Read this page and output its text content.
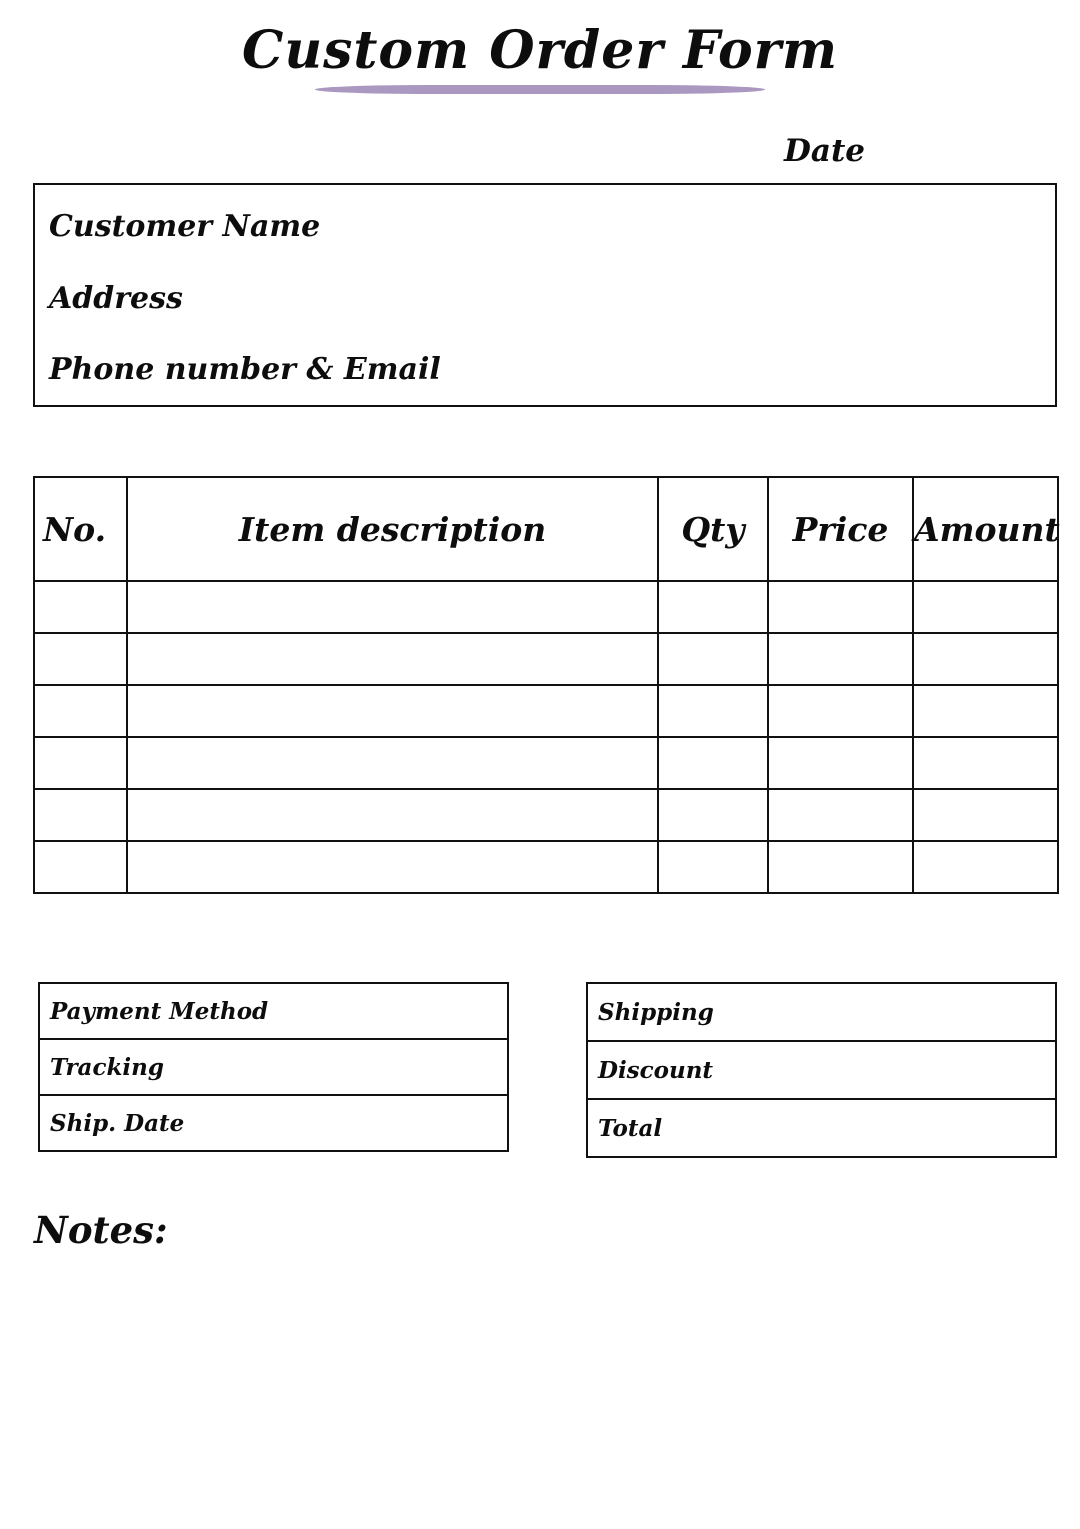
Custom Order Form
Date
Customer Name
Address
Phone number & Email
No.	Item description	Qty	Price	Amount

Payment Method
Tracking
Ship. Date
Shipping
Discount
Total
Notes:
